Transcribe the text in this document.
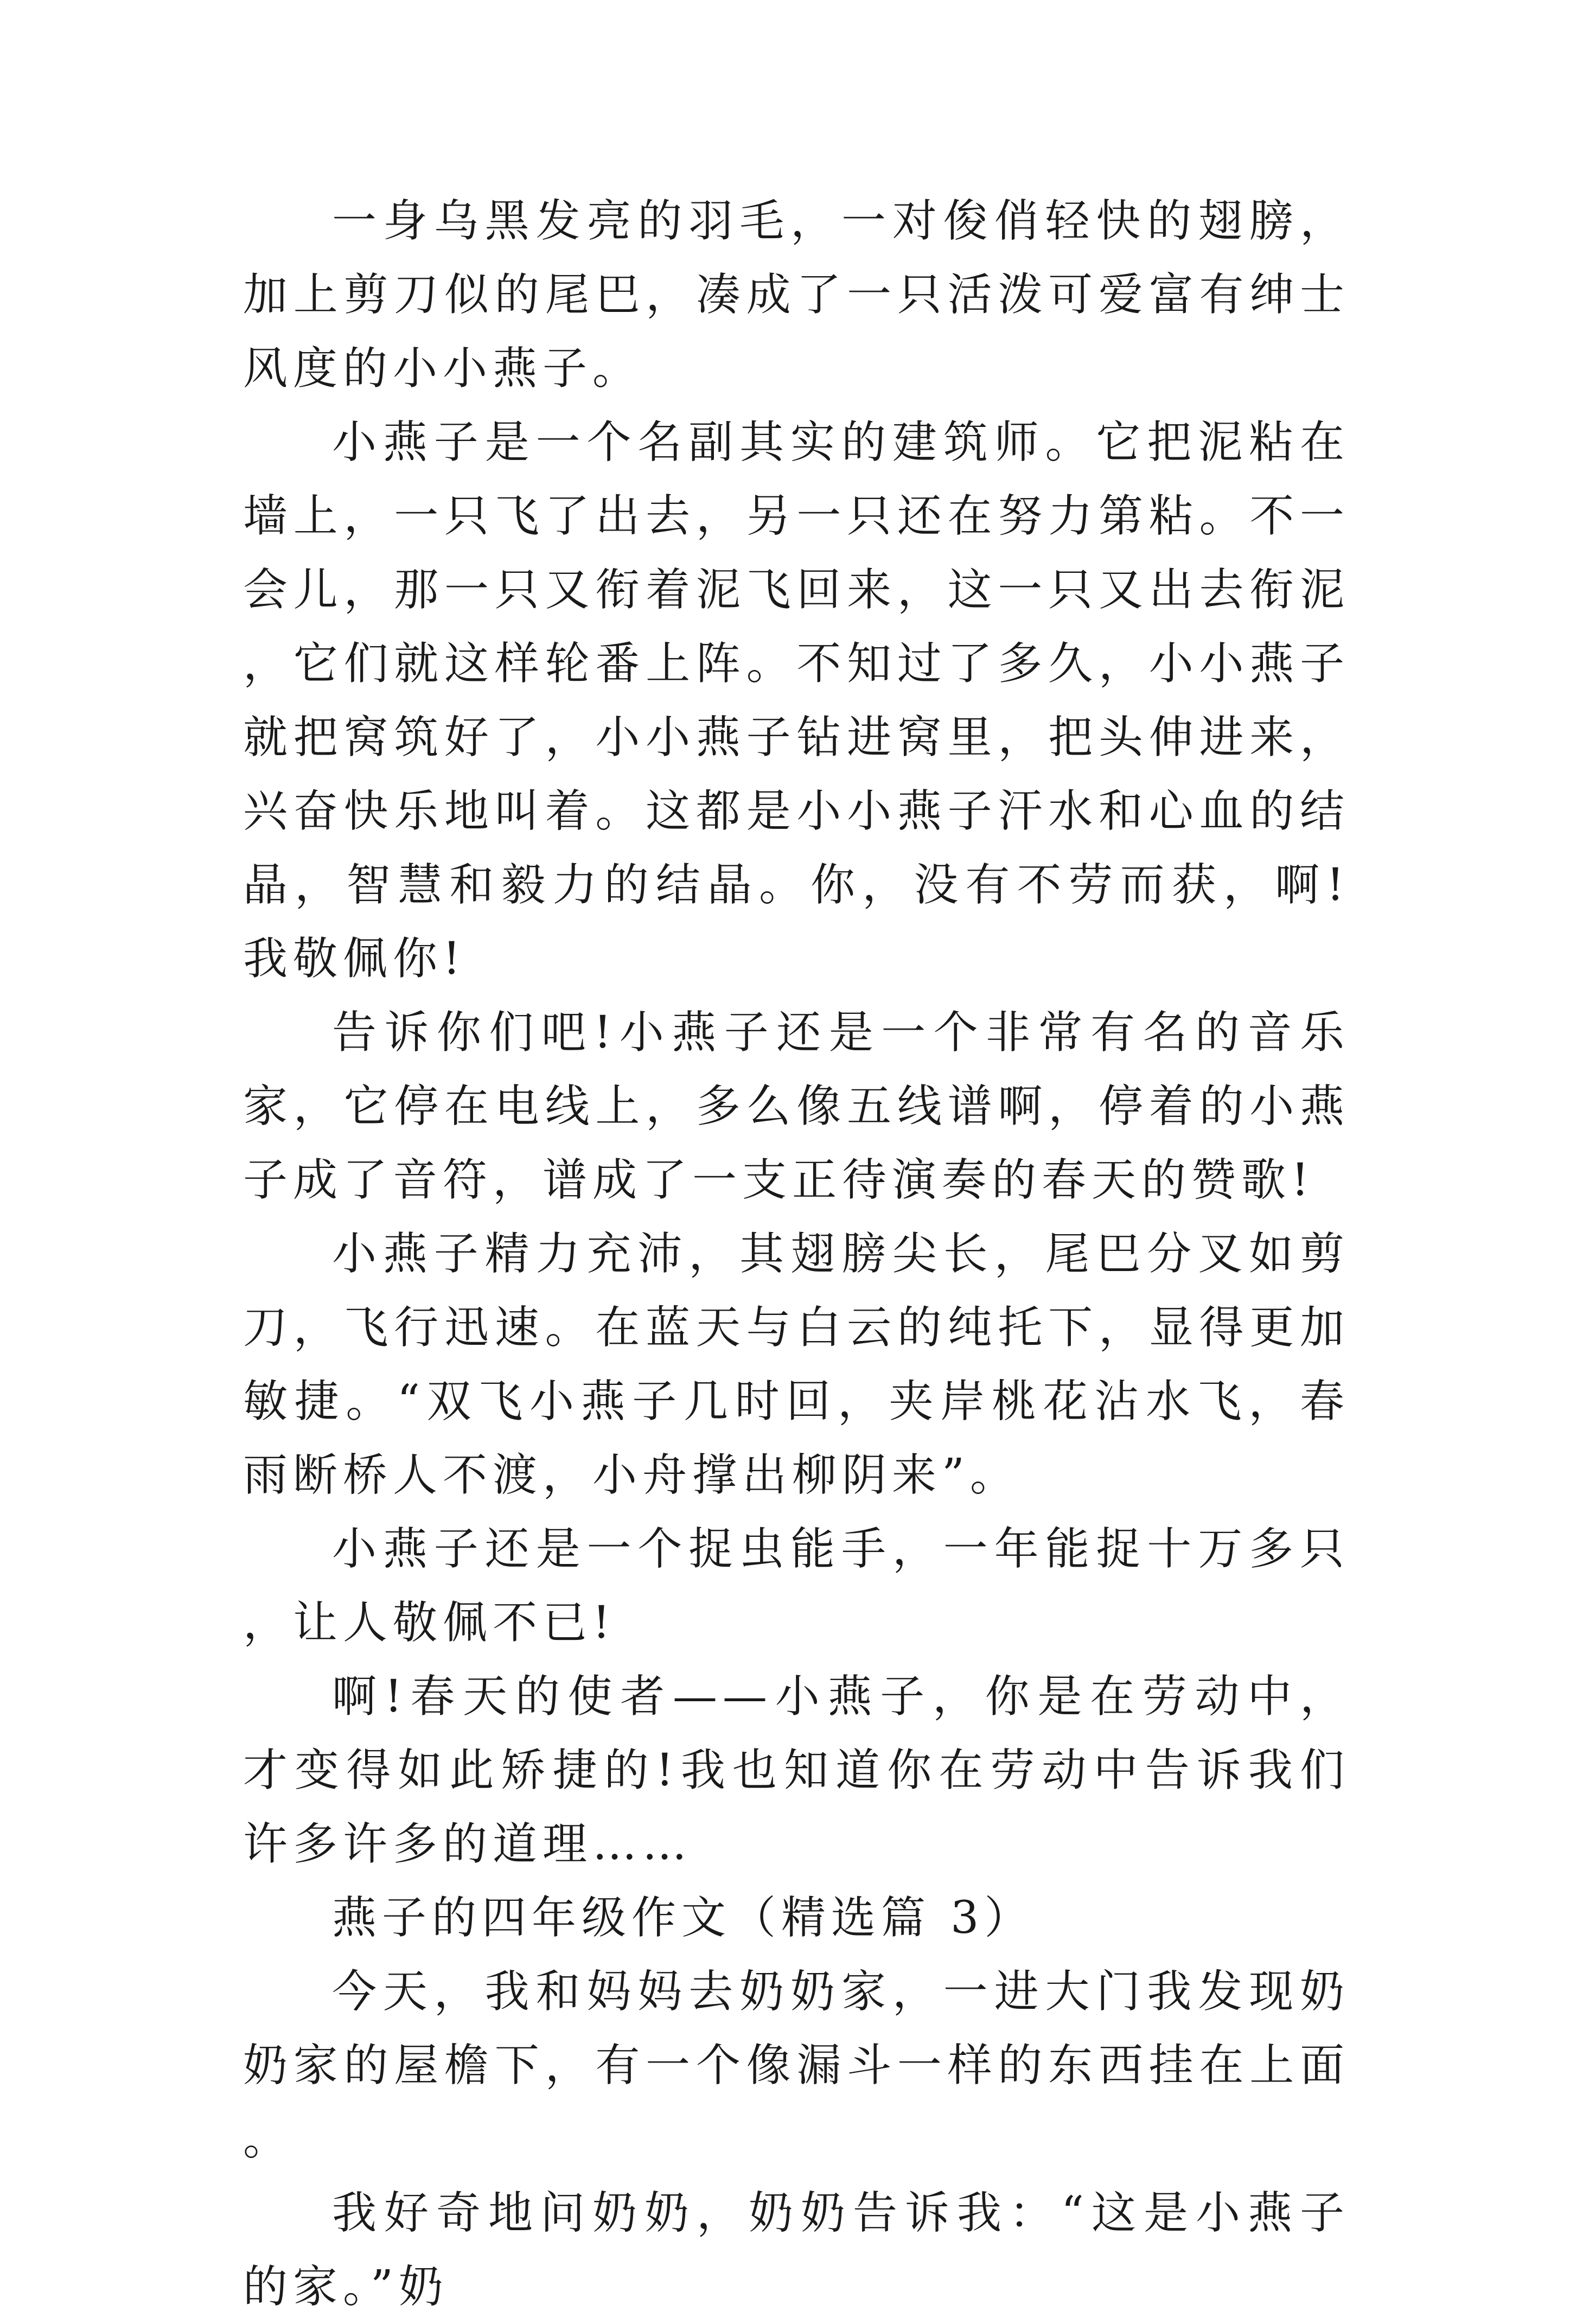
一身乌黑发亮的羽毛，一对俊俏轻快的翅膀，加上剪刀似的尾巴，凑成了一只活泼可爱富有绅士风度的小小燕子。

小燕子是一个名副其实的建筑师。它把泥粘在墙上，一只飞了出去，另一只还在努力第粘。不一会儿，那一只又衔着泥飞回来，这一只又出去衔泥，它们就这样轮番上阵。不知过了多久，小小燕子就把窝筑好了，小小燕子钻进窝里，把头伸进来，兴奋快乐地叫着。这都是小小燕子汗水和心血的结晶，智慧和毅力的结晶。你，没有不劳而获，啊!我敬佩你!

告诉你们吧!小燕子还是一个非常有名的音乐家，它停在电线上，多么像五线谱啊，停着的小燕子成了音符，谱成了一支正待演奏的春天的赞歌!

小燕子精力充沛，其翅膀尖长，尾巴分叉如剪刀，飞行迅速。在蓝天与白云的纯托下，显得更加敏捷。“双飞小燕子几时回，夹岸桃花沾水飞，春雨断桥人不渡，小舟撑出柳阴来”。

小燕子还是一个捉虫能手，一年能捉十万多只，让人敬佩不已!

啊!春天的使者——小燕子，你是在劳动中，才变得如此矫捷的!我也知道你在劳动中告诉我们许多许多的道理……

燕子的四年级作文（精选篇 3）

今天，我和妈妈去奶奶家，一进大门我发现奶奶家的屋檐下，有一个像漏斗一样的东西挂在上面。

我好奇地问奶奶，奶奶告诉我：“这是小燕子的家。”奶
